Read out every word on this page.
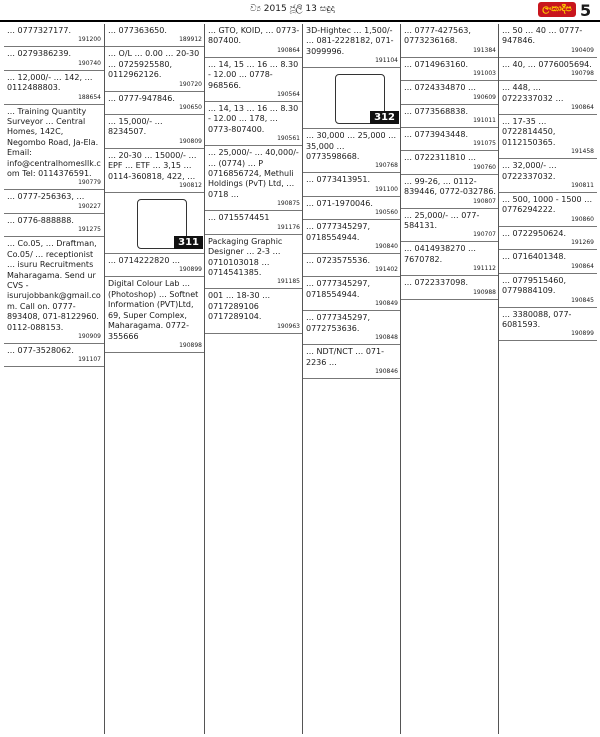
ව්‍ය 2015 ජූලි 13 සඳුදා	ලංකාදීප 5
… 0777327177.
191200
… 0279386239.
190740
… 12,000/- … 142, … 0112488803.
188654
… Training Quantity Surveyor … Central Homes, 142C, Negombo Road, Ja-Ela. Email: info@centralhomesllk.com Tel: 0114376591.
190779
… 0777-256363, …
190227
… 0776-888888.
191275
… Co.05, … Draftman, Co.05/ … receptionist … isuru Recruitments Maharagama. Send ur CVS - isurujobbank@gmail.com. Call on. 0777-893408, 071-8122960. 0112-088153.
190909
… 077-3528062.
191107
… 077363650.
189912
… O/L … 0.00 … 20-30 … 0725925580, 0112962126.
190720
… 0777-947846.
190650
… 15,000/- … 8234507.
190809
… 20-30 … 15000/- … EPF … ETF … 3,15 … 0114-360818, 422, …
190812
311
… 0714222820 …
190899
Digital Colour Lab … (Photoshop) … Softnet Information (PVT)Ltd, 69, Super Complex, Maharagama. 0772-355666
190898
… GTO, KOID, … 0773-807400.
190864
… 14, 15 … 16 … 8.30 - 12.00 … 0778-968566.
190564
… 14, 13 … 16 … 8.30 - 12.00 … 178, … 0773-807400.
190561
… 25,000/- … 40,000/- … (0774) … P 0716856724, Methuli Holdings (PvT) Ltd, … 0718 …
190875
… 0715574451
191176
Packaging Graphic Designer … 2-3 … 0710103018 … 0714541385.
191185
001 … 18-30 … 0717289106 0717289104.
190963
3D-Hightec … 1,500/- … 081-2228182, 071-3099996.
191104
312
… 30,000 … 25,000 … 35,000 … 0773598668.
190768
… 0773413951.
191100
… 071-1970046.
190560
… 0777345297, 0718554944.
190840
… 0723575536.
191402
… 0777345297, 0718554944.
190849
… 0777345297, 0772753636.
190848
… NDT/NCT … 071-2236 …
190846
… 0777-427563, 0773236168.
191384
… 0714963160.
191003
… 0724334870 …
190609
… 0773568838.
191011
… 0773943448.
191075
… 0722311810 …
190760
… 99-26, … 0112-839446, 0772-032786.
190807
… 25,000/- … 077-584131.
190707
… 0414938270 … 7670782.
191112
… 0722337098.
190988
… 50 … 40 … 0777-947846.
190409
… 40, … 0776005694.
190798
… 448, … 0722337032 …
190864
… 17-35 … 0722814450, 0112150365.
191458
… 32,000/- … 0722337032.
190811
… 500, 1000 - 1500 … 0776294222.
190860
… 0722950624.
191269
… 0716401348.
190864
… 0779515460, 0779884109.
190845
… 3380088, 077-6081593.
190899
